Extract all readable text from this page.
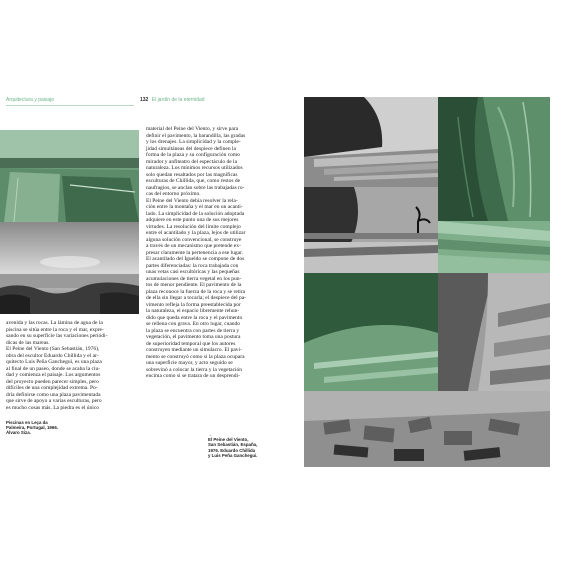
Arquitectura y paisaje	132 El jardín de la eternidad

avenida y las rocas. La lámina de agua de la

piscina se sitúa entre la roca y el mar, expre-

sando en su superficie las variaciones periódi-

dicas de las mareas.

El Peine del Viento (San Sebastián, 1976),

obra del escultor Eduardo Chillida y el ar-

quitecto Luis Peña Ganchegui, es una plaza

al final de un paseo, donde se acaba la ciu-

dad y comienza el paisaje. Los argumentos

del proyecto pueden parecer simples, pero

difíciles de una complejidad extrema. Po-

dría definirse como una plaza pavimentada

que sirve de apoyo a varias esculturas, pero

es mucho cosas más. La piedra es el único

material del Peine del Viento, y sirve para

definir el pavimento, la barandilla, las gradas

y los drenajes. La simplicidad y la comple-

jidad simultáneas del despiece definen la

forma de la plaza y su configuración como

mirador y anfiteatro del espectáculo de la

naturaleza. Los mínimos recursos utilizados

solo quedan resaltados por las magníficas

esculturas de Chillida, que, como restos de

naufragios, se anclan sobre las trabajadas ro-

cas del entorno próximo.

El Peine del Viento debía resolver la rela-

ción entre la montaña y el mar en un acanti-

lado. La simplicidad de la solución adoptada

adquiere en este punto una de sus mejores

virtudes. La resolución del límite complejo

entre el acantilado y la plaza, lejos de utilizar

alguna solución convencional, se construye

a través de un mecanismo que pretende ex-

presar claramente la pertenencia a ese lugar.

El acantilado del Igueldo se compone de dos

partes diferenciadas: la roca trabajada con

unas vetas casi escultóricas y las pequeñas

acumulaciones de tierra vegetal en los pun-

tos de menor pendiente. El pavimento de la

plaza reconoce la fuerza de la roca y se retira

de ella sin llegar a tocarla; el despiece del pa-

vimento refleja la forma preestablecida por

la naturaleza, el espacio libremente rehun-

dido que queda entre la roca y el pavimento

se rellena con grava. En otro lugar, cuando

la plaza se encuentra con partes de tierra y

vegetación, el pavimento toma una postura

de superioridad temporal que los autores

construyen mediante un simulacro. El pavi-

mento se construyó como si la plaza ocupara

una superficie mayor, y acto seguido se

sobrevinó a colocar la tierra y la vegetación

encima como si se tratara de un desprendi-

Piscinas en Leça da
Palmeira, Portugal, 1966.
Álvaro Siza.	→
El Peine del Viento,
San Sebastián, España,
1976. Eduardo Chillida
y Luis Peña Ganchegui.
